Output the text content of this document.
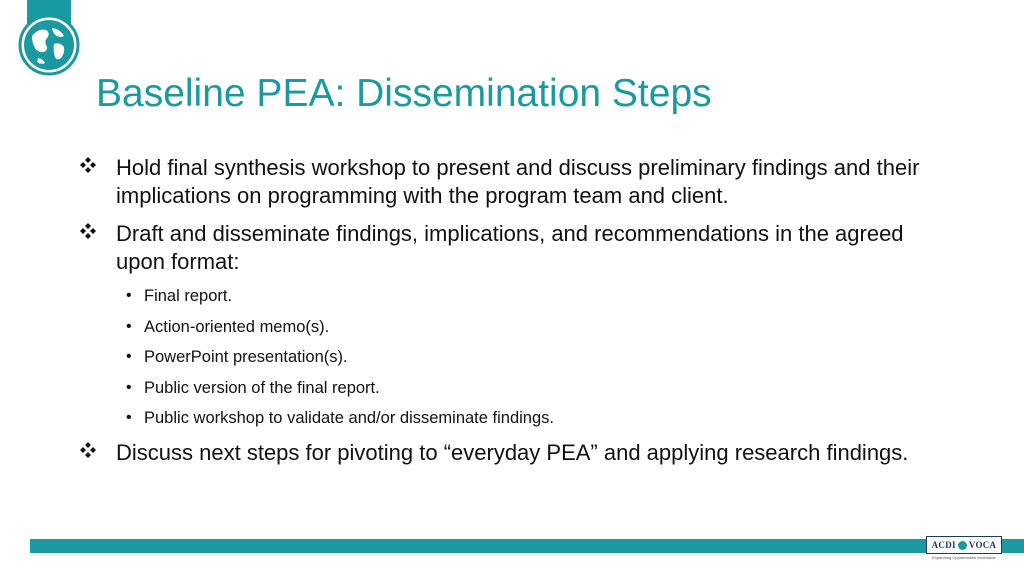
Baseline PEA: Dissemination Steps
Hold final synthesis workshop to present and discuss preliminary findings and their implications on programming with the program team and client.
Draft and disseminate findings, implications, and recommendations in the agreed upon format:
• Final report.
• Action-oriented memo(s).
• PowerPoint presentation(s).
• Public version of the final report.
• Public workshop to validate and/or disseminate findings.
Discuss next steps for pivoting to “everyday PEA” and applying research findings.
ACDI VOCA
Expanding Opportunities Worldwide
